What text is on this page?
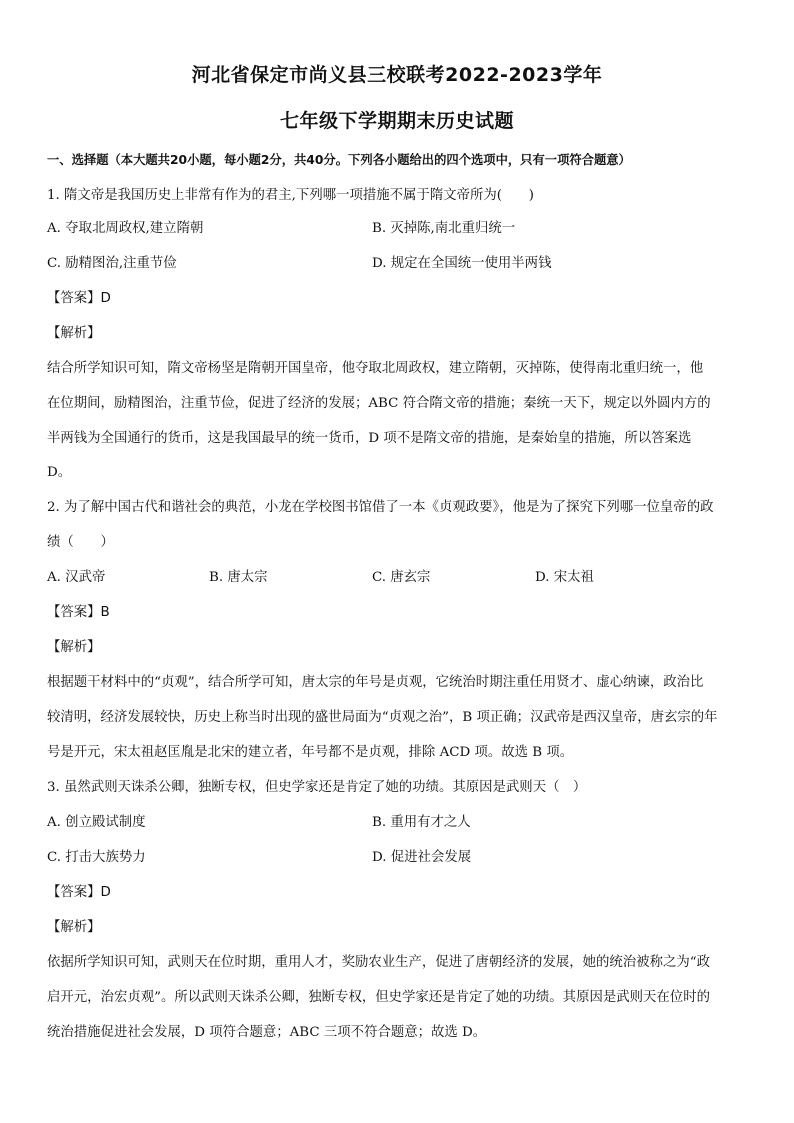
河北省保定市尚义县三校联考2022-2023学年
七年级下学期期末历史试题
一、选择题（本大题共20小题，每小题2分，共40分。下列各小题给出的四个选项中，只有一项符合题意）
1. 隋文帝是我国历史上非常有作为的君主,下列哪一项措施不属于隋文帝所为(　　)
A. 夺取北周政权,建立隋朝	B. 灭掉陈,南北重归统一
C. 励精图治,注重节俭	D. 规定在全国统一使用半两钱
【答案】D
【解析】
结合所学知识可知，隋文帝杨坚是隋朝开国皇帝，他夺取北周政权，建立隋朝，灭掉陈，使得南北重归统一，他
在位期间，励精图治，注重节俭，促进了经济的发展；ABC 符合隋文帝的措施；秦统一天下，规定以外圆内方的
半两钱为全国通行的货币，这是我国最早的统一货币，D 项不是隋文帝的措施，是秦始皇的措施，所以答案选
D。
2. 为了解中国古代和谐社会的典范，小龙在学校图书馆借了一本《贞观政要》，他是为了探究下列哪一位皇帝的政
绩（　　）
A. 汉武帝	B. 唐太宗	C. 唐玄宗	D. 宋太祖
【答案】B
【解析】
根据题干材料中的“贞观”，结合所学可知，唐太宗的年号是贞观，它统治时期注重任用贤才、虚心纳谏，政治比
较清明，经济发展较快，历史上称当时出现的盛世局面为“贞观之治”，B 项正确；汉武帝是西汉皇帝，唐玄宗的年
号是开元，宋太祖赵匡胤是北宋的建立者，年号都不是贞观，排除 ACD 项。故选 B 项。
3. 虽然武则天诛杀公卿，独断专权，但史学家还是肯定了她的功绩。其原因是武则天（　）
A. 创立殿试制度	B. 重用有才之人
C. 打击大族势力	D. 促进社会发展
【答案】D
【解析】
依据所学知识可知，武则天在位时期，重用人才，奖励农业生产，促进了唐朝经济的发展，她的统治被称之为“政
启开元，治宏贞观”。所以武则天诛杀公卿，独断专权，但史学家还是肯定了她的功绩。其原因是武则天在位时的
统治措施促进社会发展，D 项符合题意；ABC 三项不符合题意；故选 D。
